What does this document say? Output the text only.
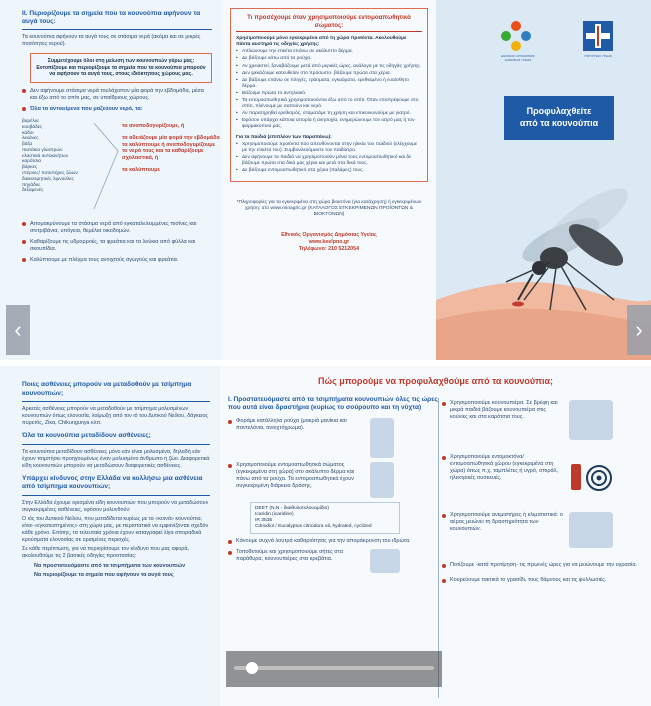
ΙΙ. Περιορίζουμε τα σημεία που τα κουνούπια αφήνουν τα αυγά τους:
Τα κουνούπια αφήνουν τα αυγά τους σε στάσιμα νερά (ακόμα και σε μικρές ποσότητες νερού).
Συμμετέχουμε όλοι στη μείωση των κουνουπιών γύρω μας: Εντοπίζουμε και περιορίζουμε τα σημεία που τα κουνούπια μπορούν να αφήσουν τα αυγά τους, στους ιδιόκτητους χώρους μας.
Δεν αφήνουμε στάσιμα νερά τουλάχιστον μία φορά την εβδομάδα, μέσα και έξω από το σπίτι μας, σε υπαίθριους χώρους.
Όλα τα αντικείμενα που μαζεύουν νερό, τα:
βαρέλια
κουβάδες
κάδοι
λεκάνες
βάζα
πιατάκια γλαστρών
ελαστικά αυτοκινήτων
καρότσια
βάρκες
στέρνες/ ποτιστήρες ζώων
διακοσμητικές λιμνούλες
πηγάδια
δεξαμενές
τα αναποδογυρίζουμε, ή
τα αδειάζουμε μία φορά την εβδομάδα τα καλύπτουμε ή αναποδογυρίζουμε το νερό τους και τα καθαρίζουμε σχολαστικά, ή
τα καλύπτουμε
Απομακρύνουμε τα στάσιμα νερά από εγκαταλελειμμένες πισίνες και σιντριβάνια, υπόγεια, θεμέλια οικοδομών.
Καθαρίζουμε τις υδρορροές, τα φρεάτια και τα λούκια από φύλλα και σκουπίδια.
Καλύπτουμε με πλέγμα τους ανοιχτούς αγωγούς και φρεάτια.
Τι προσέχουμε όταν χρησιμοποιούμε εντομοαπωθητικό σώματος:
Χρησιμοποιούμε μόνο εγκεκριμένα από τη χώρα προϊόντα. Ακολουθούμε πάντα αυστηρά τις οδηγίες χρήσης:
• Απλώνουμε την ετικέτα επάνω σε ακάλυπτο δέρμα.
• Δε βάζουμε κάτω από τα ρούχα.
• Αν χρειαστεί, ξαναβάζουμε μετά από μερικές ώρες, ανάλογα με τις οδηγίες χρήσης.
• Δεν ψεκάζουμε κατευθείαν στο πρόσωπο· βάζουμε πρώτα στα χέρια.
• Δε βάζουμε επάνω σε πληγές, τραύματα, εγκαύματα, ερεθισμένο ή ευαίσθητο δέρμα.
• Βάζουμε πρώτα το αντηλιακό.
• Τα εντομοαπωθητικά χρησιμοποιούνται έξω από το σπίτι. Όταν επιστρέφουμε στο σπίτι, πλένουμε με σαπούνι και νερό.
• Αν παρατηρηθεί ερεθισμός, σταματάμε τη χρήση και επικοινωνούμε με γιατρό.
• Εφόσον υπάρχει κάποια απορία ή ανησυχία, ενημερώνουμε τον ιατρό μας ή τον φαρμακοποιό μας.
Για τα παιδιά (επιπλέον των παραπάνω):
• Χρησιμοποιούμε προϊόντα που απευθύνονται στην ηλικία του παιδιού (ελέγχουμε με την ετικέτα του). Συμβουλευόμαστε τον παιδίατρο.
• Δεν αφήνουμε τα παιδιά να χρησιμοποιούν μόνα τους εντομοαπωθητικό και δε βάζουμε πρώτα στα δικά μας χέρια και μετά στα δικά τους.
• Δε βάζουμε εντομοαπωθητικό στα χέρια (παλάμες) τους.
*Πληροφορίες για τα εγκεκριμένα στη χώρα βιοκτόνα (για κατάχρηση) ή εγκεκριμένων χρήση: στο www.minagric.gr (ΚΑΤΑΛΟΓΟΣ ΕΓΚΕΚΡΙΜΕΝΩΝ ΠΡΟΪΟΝΤΩΝ & ΒΙΟΚΤΟΝΩΝ)
Εθνικός Οργανισμός Δημόσιας Υγείας
www.keelpno.gr
Τηλέφωνο: 210 5212054
ΕΘΝΙΚΟΣ ΟΡΓΑΝΙΣΜΟΣ ΔΗΜΟΣΙΑΣ ΥΓΕΙΑΣ
ΥΠΟΥΡΓΕΙΟ ΥΓΕΙΑΣ
Προφυλαχθείτε
από τα κουνούπια
‹	›
Ποιες ασθένειες μπορούν να μεταδοθούν με τσίμπημα κουνουπιών;
Αρκετές ασθένειες μπορούν να μεταδοθούν με τσίμπημα μολυσμένων κουνουπιών όπως ελονοσία, λοίμωξη από τον ιό του Δυτικού Νείλου, δάγκειος πυρετός, Ζίκα, Chikungunya κλπ.
Όλα τα κουνούπια μεταδίδουν ασθένειες;
Τα κουνούπια μεταδίδουν ασθένειες μόνο εάν είναι μολυσμένα, δηλαδή εάν έχουν τσιμπήσει προηγουμένως έναν μολυσμένο άνθρωπο ή ζώο. Διαφορετικά είδη κουνουπιών μπορούν να μεταδώσουν διαφορετικές ασθένειες.
Υπάρχει κίνδυνος στην Ελλάδα να κολλήσω μια ασθένεια από τσίμπημα κουνουπιών;
Στην Ελλάδα έχουμε ορισμένα είδη κουνουπιών που μπορούν να μεταδώσουν συγκεκριμένες ασθένειες, εφόσον μολυνθούν:
Ο ιός του Δυτικού Νείλου, που μεταδίδεται κυρίως με τα «κοινά» κουνούπια, είναι «εγκατεστημένος» στη χώρα μας, με περιστατικά να εμφανίζονται σχεδόν κάθε χρόνο. Επίσης, τα τελευταία χρόνια έχουν καταγραφεί λίγα σποραδικά κρούσματα ελονοσίας σε ορισμένες περιοχές.
Σε κάθε περίπτωση, για να περιορίσουμε τον κίνδυνο που μας αφορά, ακολουθούμε τις 2 βασικές οδηγίες προστασίας:
Να προστατευόμαστε από τα τσιμπήματα των κουνουπιών
Να περιορίζουμε τα σημεία που αφήνουν τα αυγά τους
Πώς μπορούμε να προφυλαχθούμε από τα κουνούπια;
Ι. Προστατευόμαστε από τα τσιμπήματα κουνουπιών όλες τις ώρες που αυτά είναι δραστήρια (κυρίως το σούρουπο και τη νύχτα)
Φοράμε κατάλληλα ρούχα (μακριά μανίκια και παντελόνια, ανοιχτόχρωμα).
Χρησιμοποιούμε εντομοαπωθητικά σώματος (εγκεκριμένα στη χώρα) στο ακάλυπτο δέρμα και πάνω από τα ρούχα. Τα εντομοαπωθητικά έχουν συγκεκριμένη διάρκεια δράσης.
DEET (N,N - διαιθυλοτολουαμίδιο)
Icaridin (icaridine)
IR 3535
Citriodiol / Eucalyptus citriodora oil, hydrated, cyclized
Κάνουμε συχνά λουτρά καθαριότητας για την απομάκρυνση του ιδρώτα.
Τοποθετούμε και χρησιμοποιούμε σήτες στα παράθυρα, κουνουπιέρες στα κρεβάτια.
Χρησιμοποιούμε κουνουπιέρα. Σε βρέφη και μικρά παιδιά βάζουμε κουνουπιέρα στις κούνιες και στα καρότσια τους.
Χρησιμοποιούμε εντομοκτόνα/ εντομοαπωθητικά χώρου (εγκεκριμένα στη χώρα) όπως π.χ. ταμπλέτες ή υγρό, σπιράλ, ηλεκτρικές συσκευές.
Χρησιμοποιούμε ανεμιστήρες ή κλιματιστικά: ο αέρας μειώνει τη δραστηριότητα των κουνουπιών.
Ποτίζουμε -κατά προτίμηση- τις πρωινές ώρες για να μειώνουμε την υγρασία.
Κουρεύουμε τακτικά το γρασίδι, τους θάμνους και τις φυλλωσιές.
